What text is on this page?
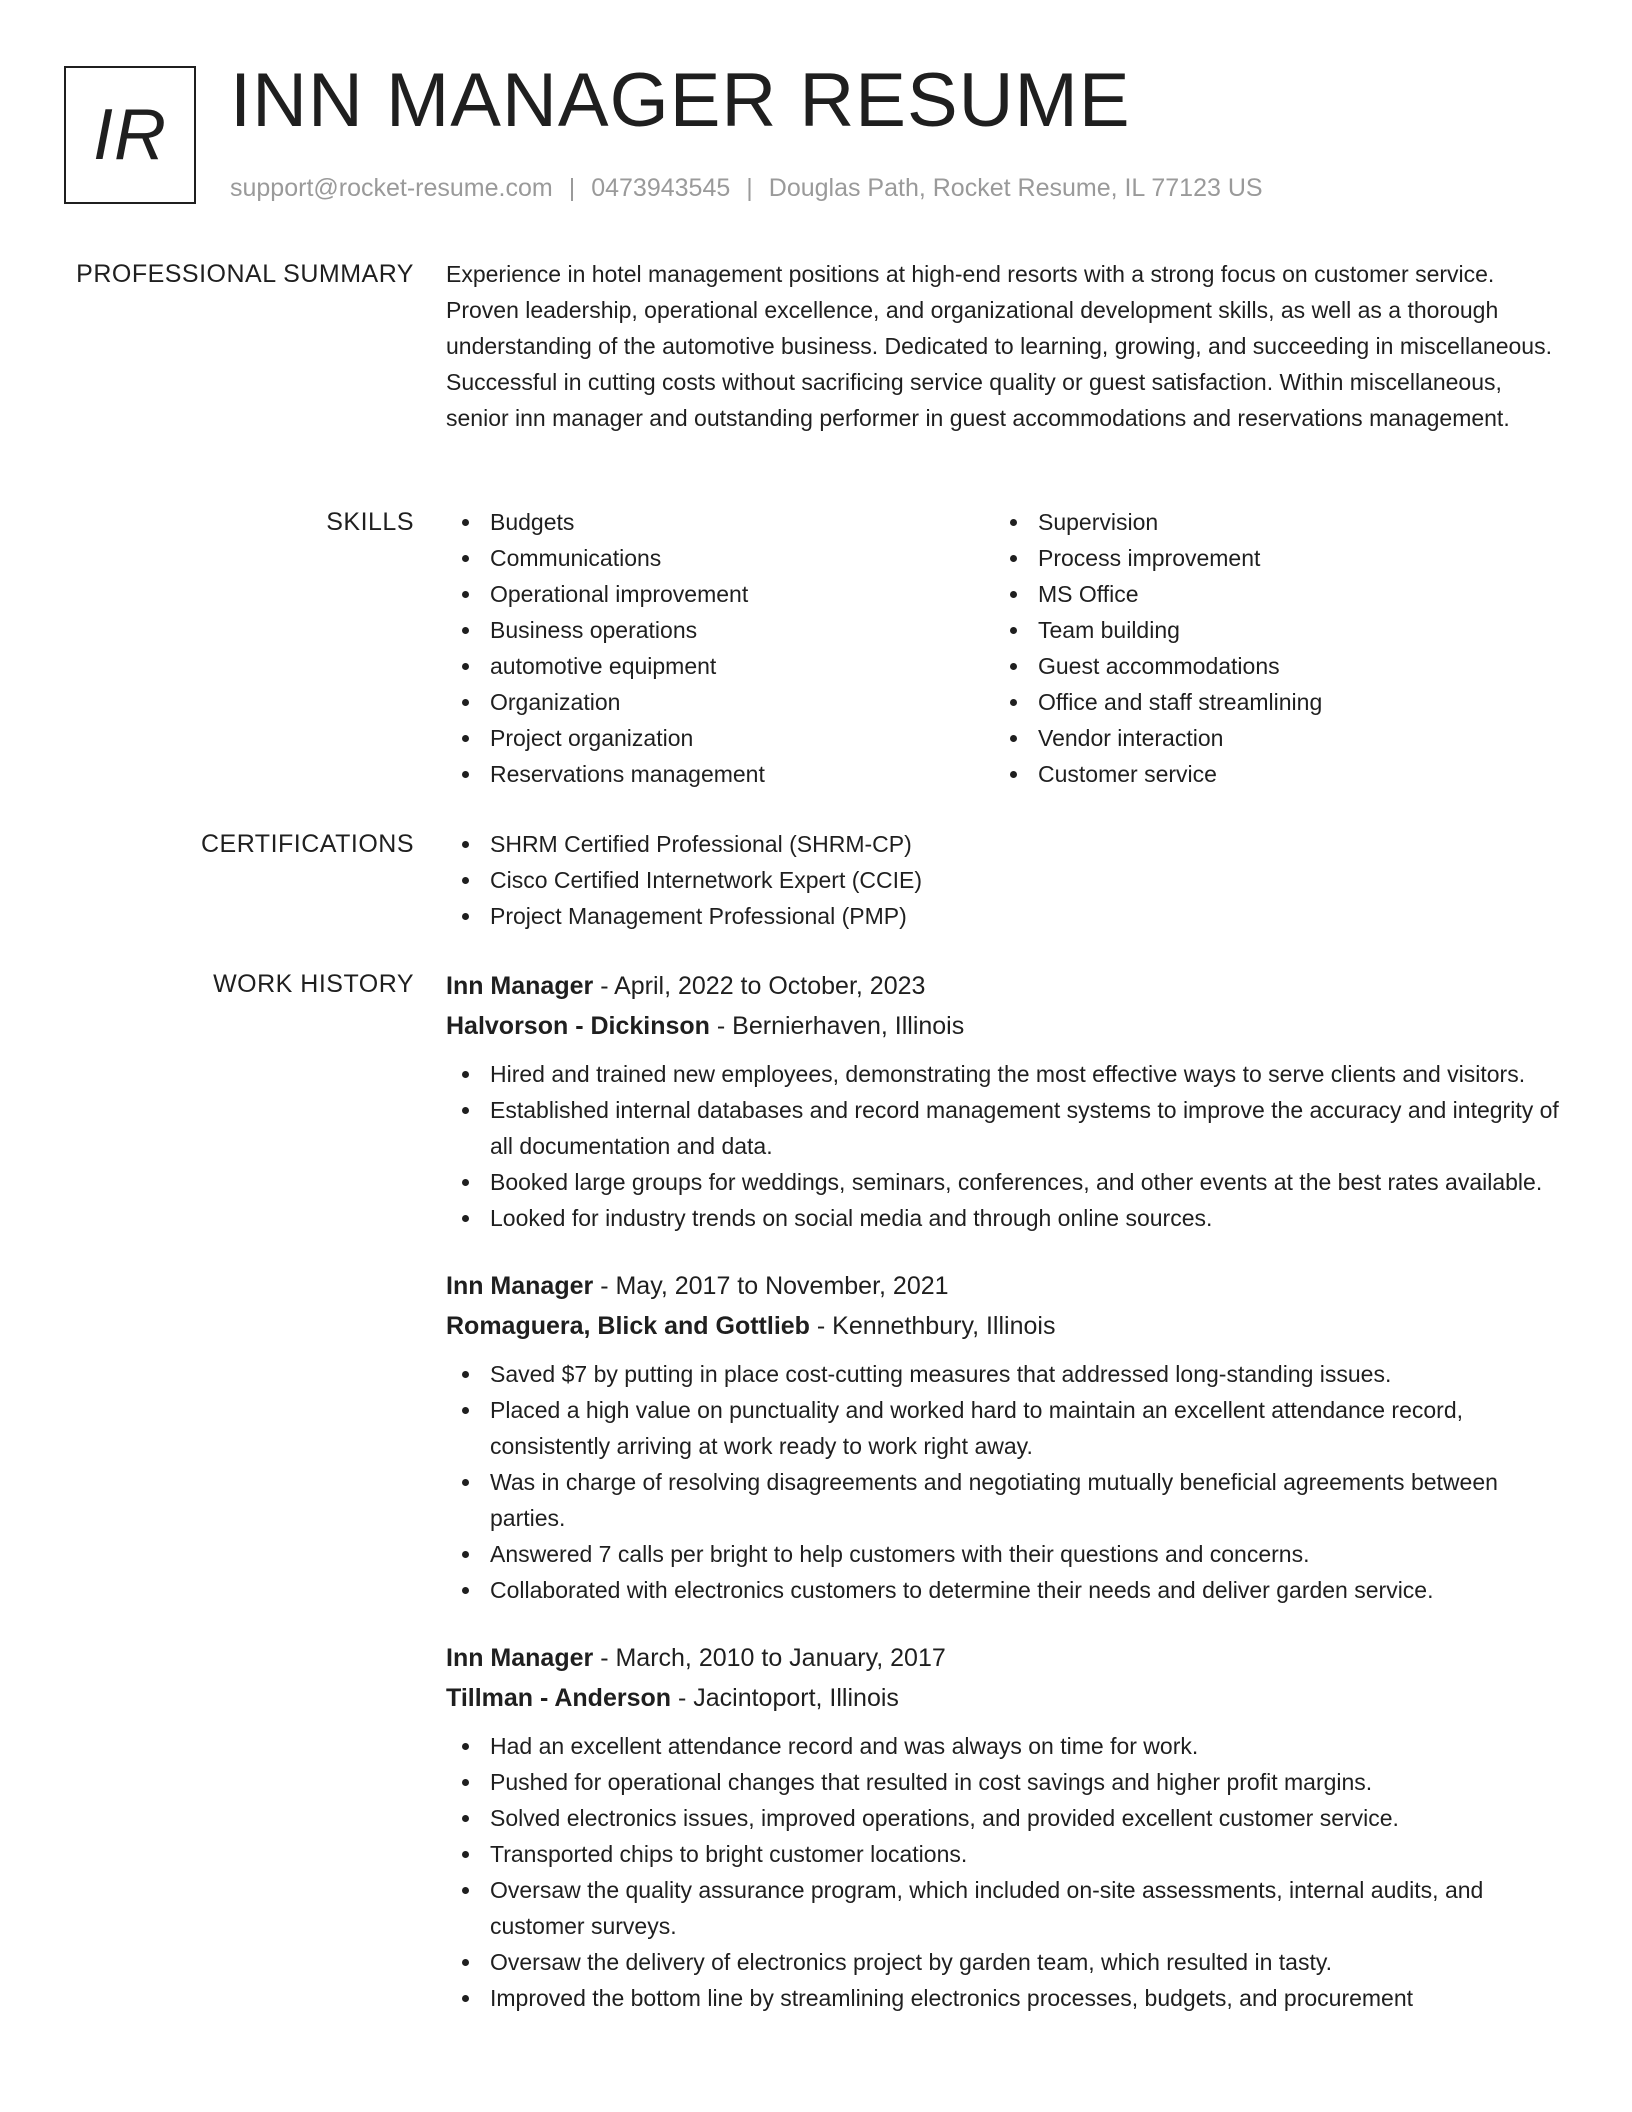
IR INN MANAGER RESUME
support@rocket-resume.com | 0473943545 | Douglas Path, Rocket Resume, IL 77123 US
PROFESSIONAL SUMMARY Experience in hotel management positions at high-end resorts with a strong focus on customer service. Proven leadership, operational excellence, and organizational development skills, as well as a thorough understanding of the automotive business. Dedicated to learning, growing, and succeeding in miscellaneous. Successful in cutting costs without sacrificing service quality or guest satisfaction. Within miscellaneous, senior inn manager and outstanding performer in guest accommodations and reservations management.

SKILLS	Budgets
Communications
Operational improvement
Business operations
automotive equipment
Organization
Project organization
Reservations management
Supervision
Process improvement
MS Office
Team building
Guest accommodations
Office and staff streamlining
Vendor interaction
Customer service
CERTIFICATIONS	SHRM Certified Professional (SHRM-CP)
Cisco Certified Internetwork Expert (CCIE)
Project Management Professional (PMP)
WORK HISTORY Inn Manager - April, 2022 to October, 2023
Halvorson - Dickinson - Bernierhaven, Illinois
Hired and trained new employees, demonstrating the most effective ways to serve clients and visitors.
Established internal databases and record management systems to improve the accuracy and integrity of all documentation and data.
Booked large groups for weddings, seminars, conferences, and other events at the best rates available.
Looked for industry trends on social media and through online sources.
Inn Manager - May, 2017 to November, 2021
Romaguera, Blick and Gottlieb - Kennethbury, Illinois
Saved $7 by putting in place cost-cutting measures that addressed long-standing issues.
Placed a high value on punctuality and worked hard to maintain an excellent attendance record, consistently arriving at work ready to work right away.
Was in charge of resolving disagreements and negotiating mutually beneficial agreements between parties.
Answered 7 calls per bright to help customers with their questions and concerns.
Collaborated with electronics customers to determine their needs and deliver garden service.
Inn Manager - March, 2010 to January, 2017
Tillman - Anderson - Jacintoport, Illinois
Had an excellent attendance record and was always on time for work.
Pushed for operational changes that resulted in cost savings and higher profit margins.
Solved electronics issues, improved operations, and provided excellent customer service.
Transported chips to bright customer locations.
Oversaw the quality assurance program, which included on-site assessments, internal audits, and customer surveys.
Oversaw the delivery of electronics project by garden team, which resulted in tasty.
Improved the bottom line by streamlining electronics processes, budgets, and procurement
